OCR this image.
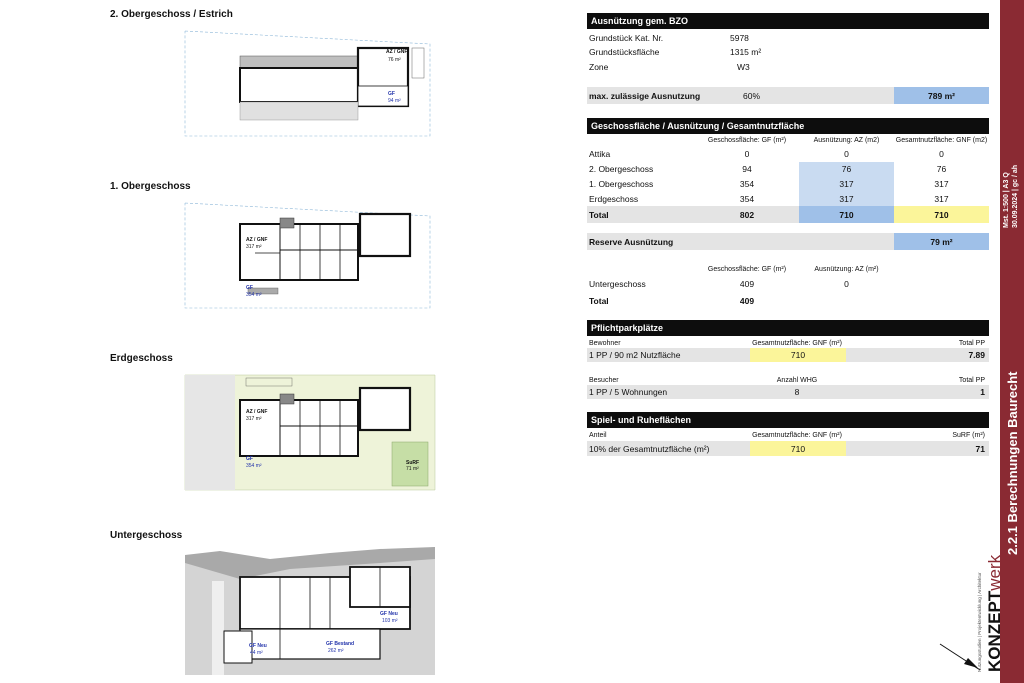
2. Obergeschoss / Estrich
1. Obergeschoss
Erdgeschoss
Untergeschoss
AZ / GNF
76 m²
GF
94 m²
AZ / GNF
317 m²
GF
354 m²
AZ / GNF
317 m²
GF
354 m²	SuRF
71 m²
GF Neu
103 m²
GF Bestand
262 m²
GF Neu
44 m²
Ausnützung gem. BZO
Grundstück Kat. Nr.	5978
Grundstücksfläche	1315 m²
Zone	W3
max. zulässige Ausnutzung	60%	789 m²
Geschossfläche / Ausnützung / Gesamtnutzfläche
Geschossfläche: GF (m²)	Ausnützung: AZ (m2)	Gesamtnutzfläche: GNF (m2)
Attika	0	0	0
2. Obergeschoss	94	76	76
1. Obergeschoss	354	317	317
Erdgeschoss	354	317	317
Total	802	710	710
Reserve Ausnützung	79 m²
Geschossfläche: GF (m²)	Ausnützung: AZ (m²)
Untergeschoss	409	0
Total	409
Pflichtparkplätze
Bewohner	Gesamtnutzfläche: GNF (m²)	Total PP
1 PP / 90 m2 Nutzfläche	710	7.89
Besucher	Anzahl WHG	Total PP
1 PP / 5 Wohnungen	8	1
Spiel- und Ruheflächen
Anteil	Gesamtnutzfläche: GNF (m²)	SuRF (m²)
10% der Gesamtnutzfläche (m²)	710	71 2.2.1 Berechnungen Baurecht
Mst. 1:500 | A3 Q 30.09.2024 | gc / ah
KONZEPTwerk
Nutzungsstudien | Projektentwicklung | Architektur
